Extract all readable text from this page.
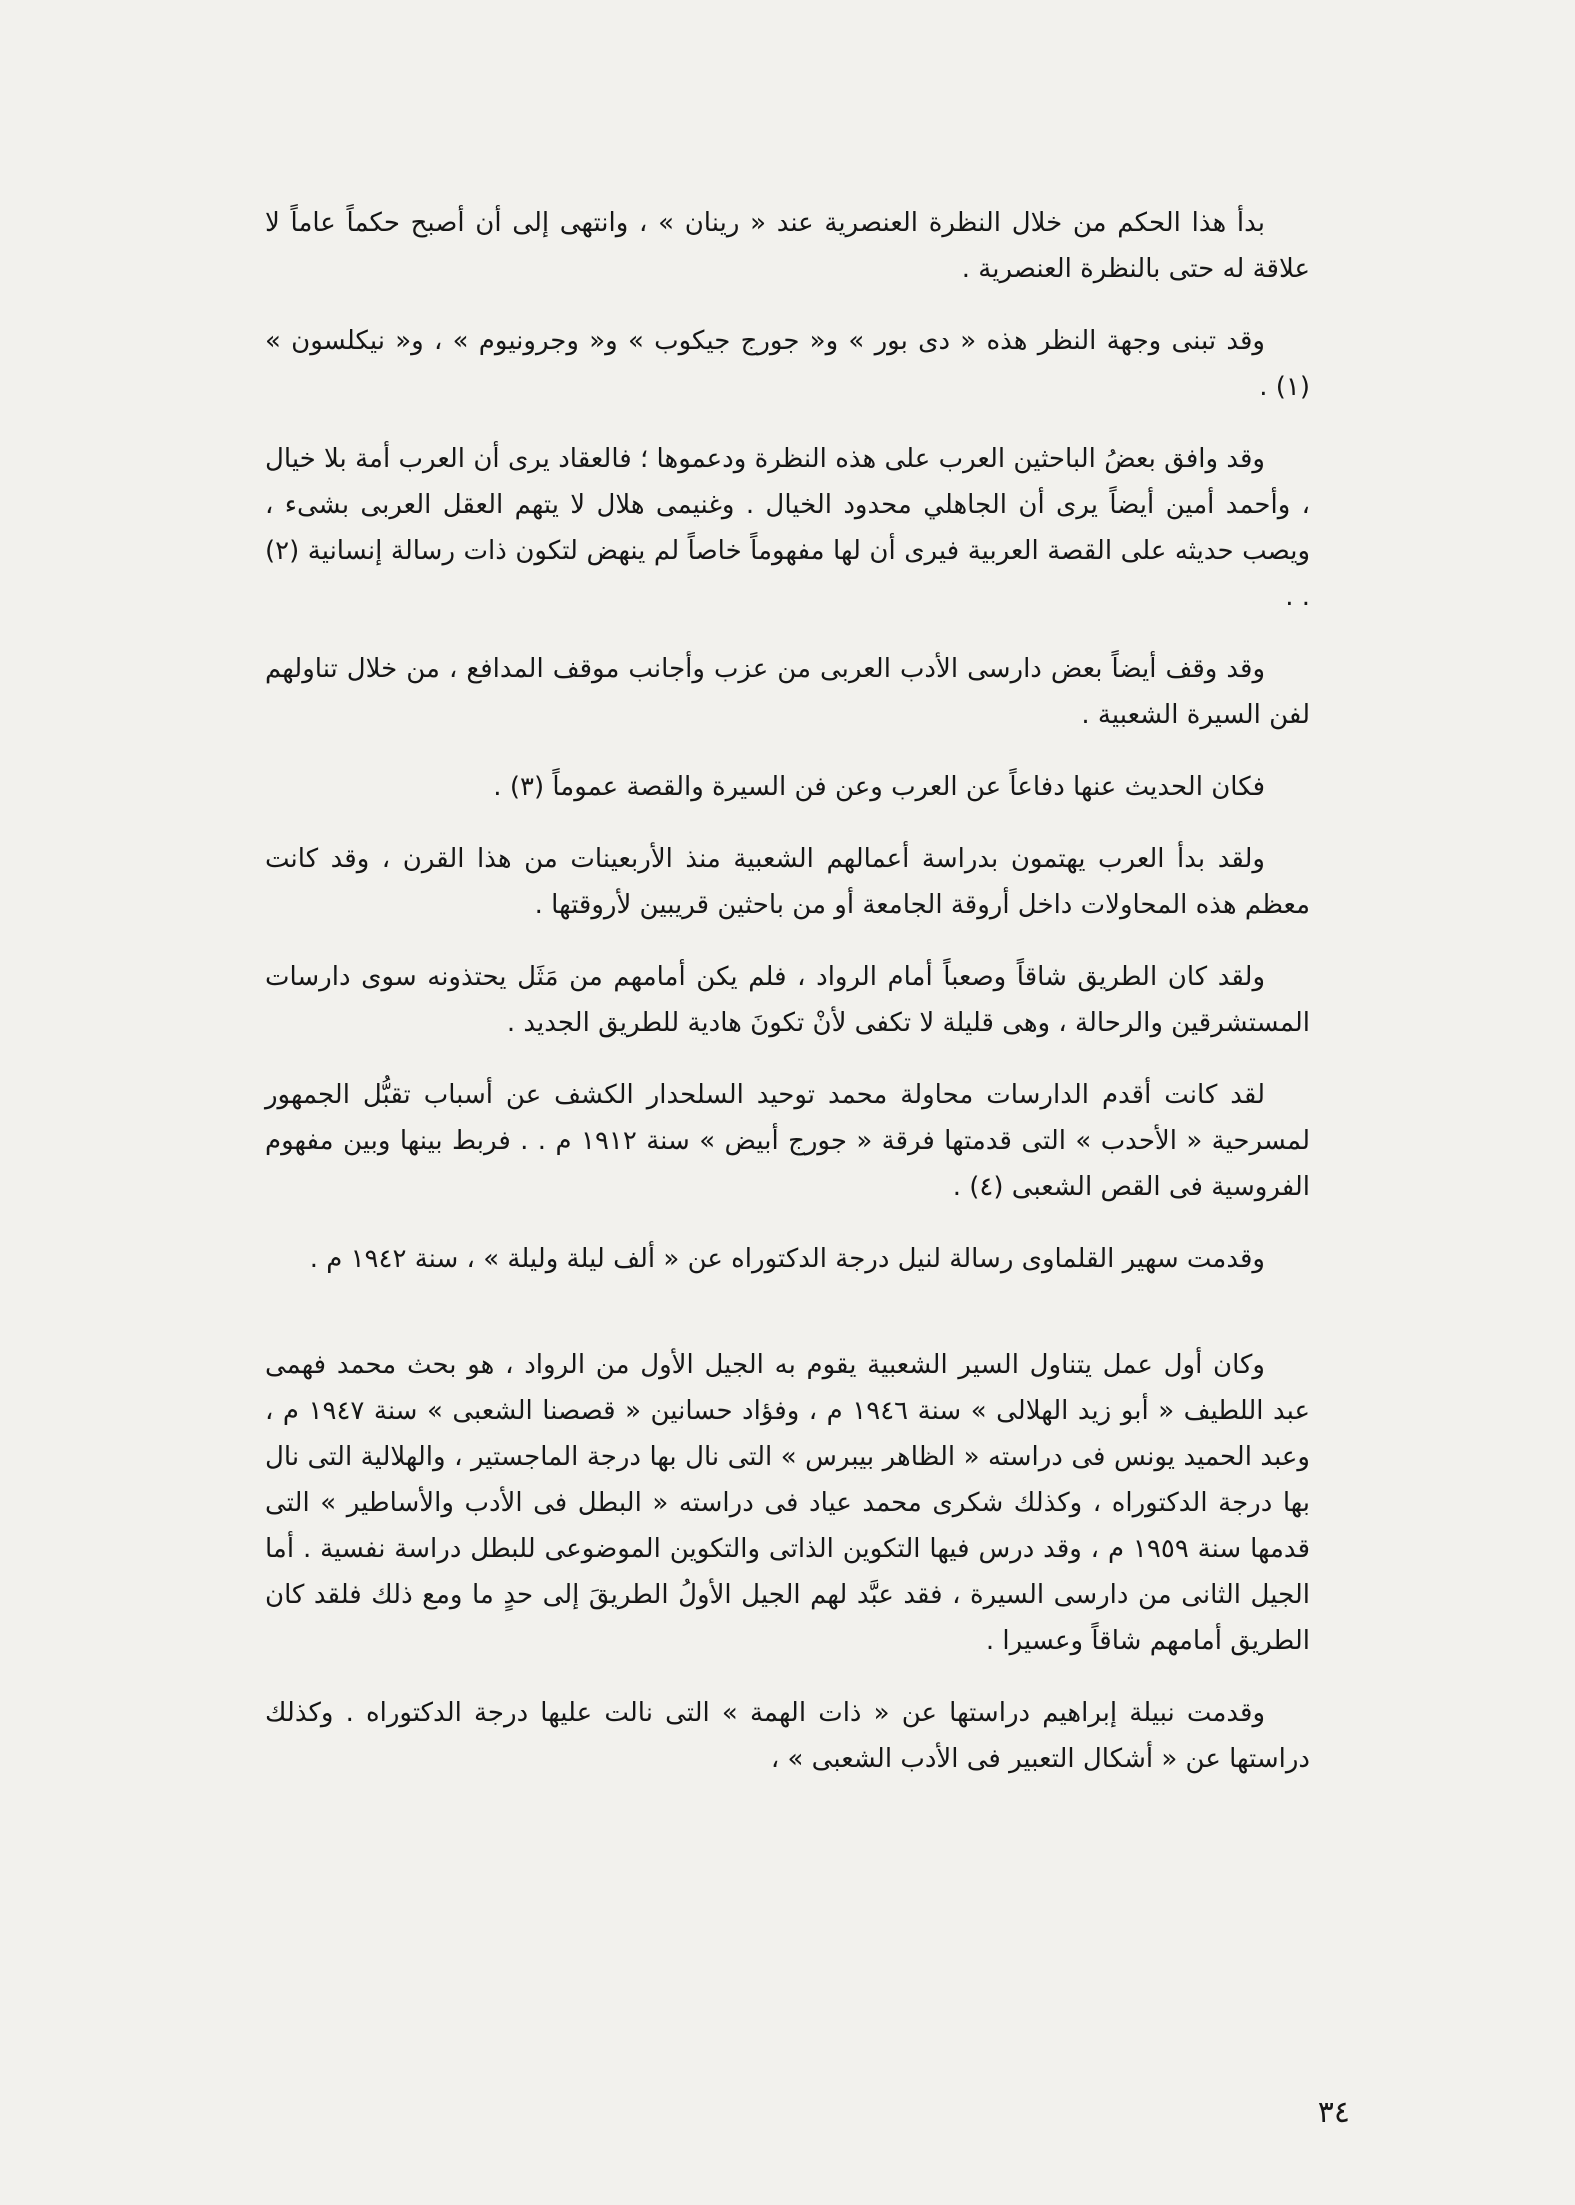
بدأ هذا الحكم من خلال النظرة العنصرية عند « رينان » ، وانتهى إلى أن أصبح حكماً عاماً لا علاقة له حتى بالنظرة العنصرية .

وقد تبنى وجهة النظر هذه « دى بور » و« جورج جيكوب » و« وجرونيوم » ، و« نيكلسون » (١) .

وقد وافق بعضُ الباحثين العرب على هذه النظرة ودعموها ؛ فالعقاد يرى أن العرب أمة بلا خيال ، وأحمد أمين أيضاً يرى أن الجاهلي محدود الخيال . وغنيمى هلال لا يتهم العقل العربى بشىء ، ويصب حديثه على القصة العربية فيرى أن لها مفهوماً خاصاً لم ينهض لتكون ذات رسالة إنسانية (٢) . .

وقد وقف أيضاً بعض دارسى الأدب العربى من عزب وأجانب موقف المدافع ، من خلال تناولهم لفن السيرة الشعبية .

فكان الحديث عنها دفاعاً عن العرب وعن فن السيرة والقصة عموماً (٣) .

ولقد بدأ العرب يهتمون بدراسة أعمالهم الشعبية منذ الأربعينات من هذا القرن ، وقد كانت معظم هذه المحاولات داخل أروقة الجامعة أو من باحثين قريبين لأروقتها .

ولقد كان الطريق شاقاً وصعباً أمام الرواد ، فلم يكن أمامهم من مَثَل يحتذونه سوى دارسات المستشرقين والرحالة ، وهى قليلة لا تكفى لأنْ تكونَ هادية للطريق الجديد .

لقد كانت أقدم الدارسات محاولة محمد توحيد السلحدار الكشف عن أسباب تقبُّل الجمهور لمسرحية « الأحدب » التى قدمتها فرقة « جورج أبيض » سنة ١٩١٢ م . . فربط بينها وبين مفهوم الفروسية فى القص الشعبى (٤) .

وقدمت سهير القلماوى رسالة لنيل درجة الدكتوراه عن « ألف ليلة وليلة » ، سنة ١٩٤٢ م .

وكان أول عمل يتناول السير الشعبية يقوم به الجيل الأول من الرواد ، هو بحث محمد فهمى عبد اللطيف « أبو زيد الهلالى » سنة ١٩٤٦ م ، وفؤاد حسانين « قصصنا الشعبى » سنة ١٩٤٧ م ، وعبد الحميد يونس فى دراسته « الظاهر بيبرس » التى نال بها درجة الماجستير ، والهلالية التى نال بها درجة الدكتوراه ، وكذلك شكرى محمد عياد فى دراسته « البطل فى الأدب والأساطير » التى قدمها سنة ١٩٥٩ م ، وقد درس فيها التكوين الذاتى والتكوين الموضوعى للبطل دراسة نفسية . أما الجيل الثانى من دارسى السيرة ، فقد عبَّد لهم الجيل الأولُ الطريقَ إلى حدٍ ما ومع ذلك فلقد كان الطريق أمامهم شاقاً وعسيرا .

وقدمت نبيلة إبراهيم دراستها عن « ذات الهمة » التى نالت عليها درجة الدكتوراه . وكذلك دراستها عن « أشكال التعبير فى الأدب الشعبى » ،

٣٤
